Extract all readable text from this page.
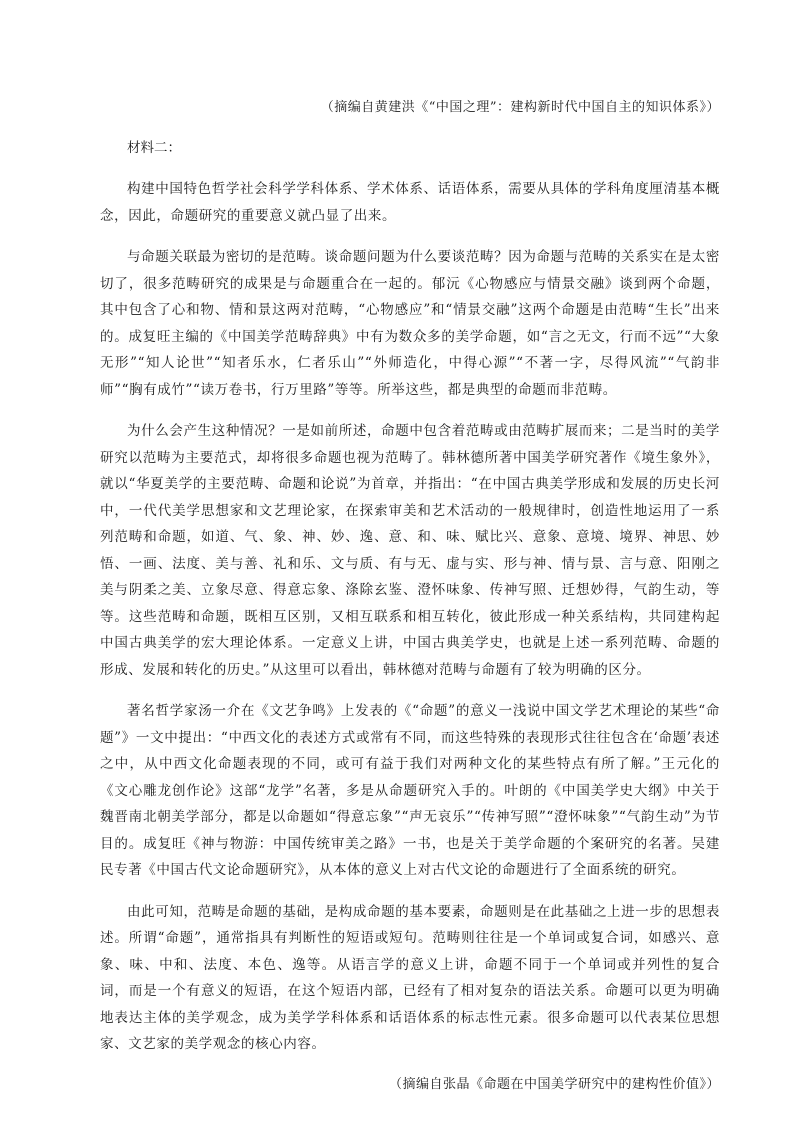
（摘编自黄建洪《“中国之理”：建构新时代中国自主的知识体系》）

材料二：

构建中国特色哲学社会科学学科体系、学术体系、话语体系，需要从具体的学科角度厘清基本概念，因此，命题研究的重要意义就凸显了出来。

与命题关联最为密切的是范畴。谈命题问题为什么要谈范畴？因为命题与范畴的关系实在是太密切了，很多范畴研究的成果是与命题重合在一起的。郁沅《心物感应与情景交融》谈到两个命题，其中包含了心和物、情和景这两对范畴，“心物感应”和“情景交融”这两个命题是由范畴“生长”出来的。成复旺主编的《中国美学范畴辞典》中有为数众多的美学命题，如“言之无文，行而不远”“大象无形”“知人论世”“知者乐水，仁者乐山”“外师造化，中得心源”“不著一字，尽得风流”“气韵非师”“胸有成竹”“读万卷书，行万里路”等等。所举这些，都是典型的命题而非范畴。

为什么会产生这种情况？一是如前所述，命题中包含着范畴或由范畴扩展而来；二是当时的美学研究以范畴为主要范式，却将很多命题也视为范畴了。韩林德所著中国美学研究著作《境生象外》，就以“华夏美学的主要范畴、命题和论说”为首章，并指出：“在中国古典美学形成和发展的历史长河中，一代代美学思想家和文艺理论家，在探索审美和艺术活动的一般规律时，创造性地运用了一系列范畴和命题，如道、气、象、神、妙、逸、意、和、味、赋比兴、意象、意境、境界、神思、妙悟、一画、法度、美与善、礼和乐、文与质、有与无、虚与实、形与神、情与景、言与意、阳刚之美与阴柔之美、立象尽意、得意忘象、涤除玄鉴、澄怀味象、传神写照、迁想妙得，气韵生动，等等。这些范畴和命题，既相互区别，又相互联系和相互转化，彼此形成一种关系结构，共同建构起中国古典美学的宏大理论体系。一定意义上讲，中国古典美学史，也就是上述一系列范畴、命题的形成、发展和转化的历史。”从这里可以看出，韩林德对范畴与命题有了较为明确的区分。

著名哲学家汤一介在《文艺争鸣》上发表的《“命题”的意义一浅说中国文学艺术理论的某些“命题”》一文中提出：“中西文化的表述方式或常有不同，而这些特殊的表现形式往往包含在‘命题’表述之中，从中西文化命题表现的不同，或可有益于我们对两种文化的某些特点有所了解。”王元化的《文心雕龙创作论》这部“龙学”名著，多是从命题研究入手的。叶朗的《中国美学史大纲》中关于魏晋南北朝美学部分，都是以命题如“得意忘象”“声无哀乐”“传神写照”“澄怀味象”“气韵生动”为节目的。成复旺《神与物游：中国传统审美之路》一书，也是关于美学命题的个案研究的名著。吴建民专著《中国古代文论命题研究》，从本体的意义上对古代文论的命题进行了全面系统的研究。

由此可知，范畴是命题的基础，是构成命题的基本要素，命题则是在此基础之上进一步的思想表述。所谓“命题”，通常指具有判断性的短语或短句。范畴则往往是一个单词或复合词，如感兴、意象、味、中和、法度、本色、逸等。从语言学的意义上讲，命题不同于一个单词或并列性的复合词，而是一个有意义的短语，在这个短语内部，已经有了相对复杂的语法关系。命题可以更为明确地表达主体的美学观念，成为美学学科体系和话语体系的标志性元素。很多命题可以代表某位思想家、文艺家的美学观念的核心内容。

（摘编自张晶《命题在中国美学研究中的建构性价值》）
